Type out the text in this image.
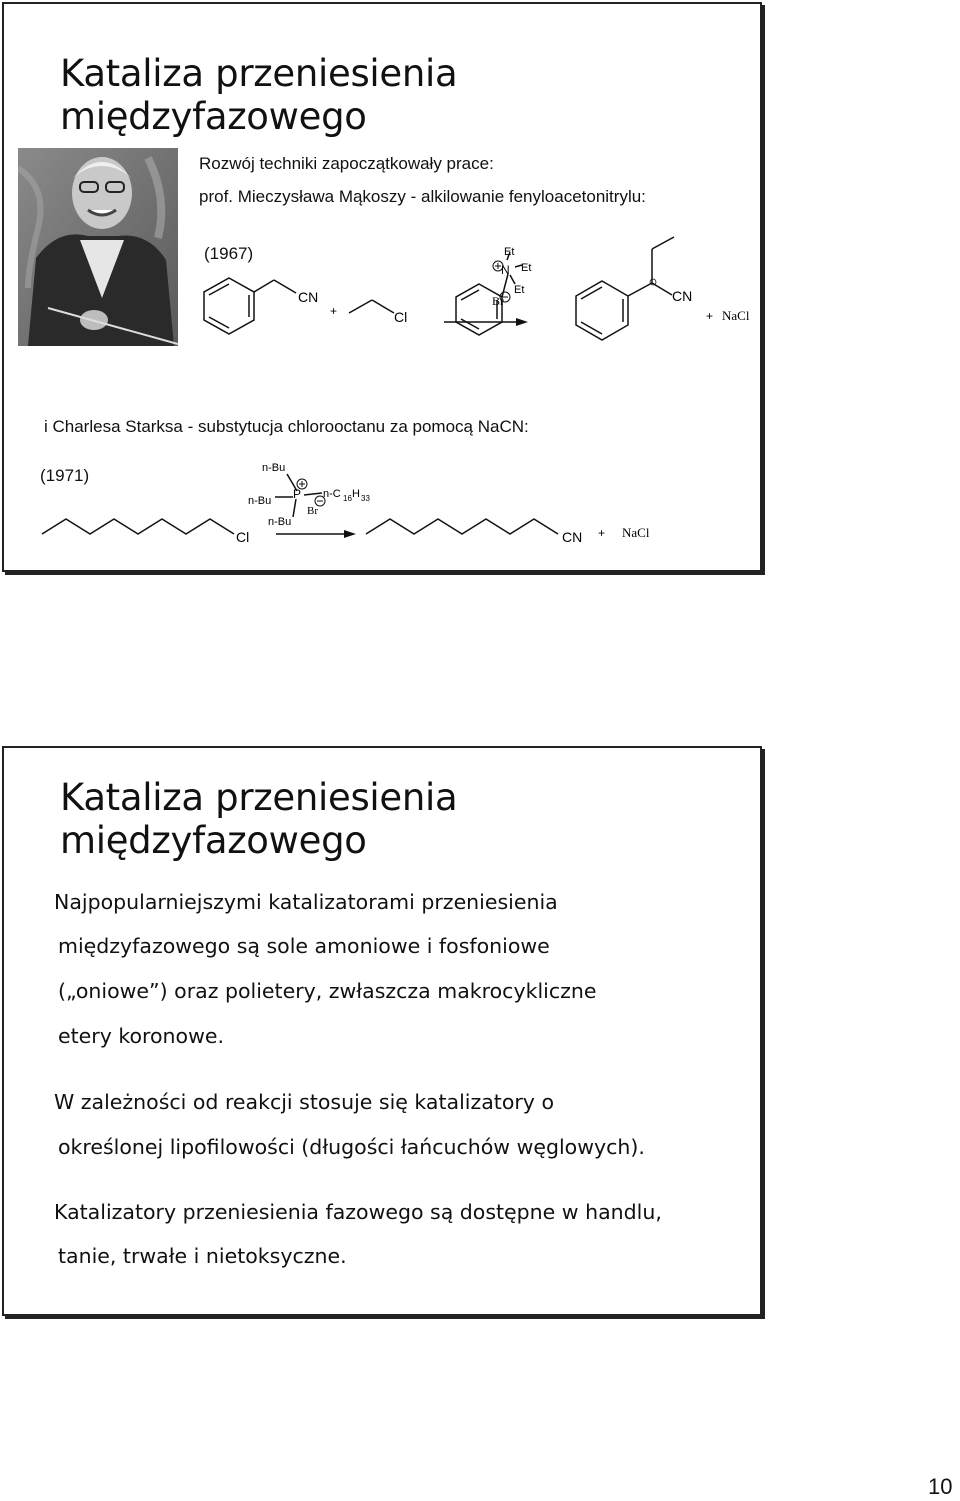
Kataliza przeniesienia międzyfazowego
Rozwój techniki zapoczątkowały prace:
prof. Mieczysława Mąkoszy - alkilowanie fenyloacetonitrylu:
(1967)
CN
+	Cl
Et
Et
Et
N
Br	CN
+ NaCl
i Charlesa Starksa - substytucja chlorooctanu za pomocą NaCN:
(1971)	n-Bu
n-Bu
n-Bu
P n-C 16 H 33
Br
Cl	CN + NaCl
Kataliza przeniesienia międzyfazowego
Najpopularniejszymi katalizatorami przeniesienia
międzyfazowego są sole amoniowe i fosfoniowe
(„oniowe”) oraz polietery, zwłaszcza makrocykliczne
etery koronowe.
W zależności od reakcji stosuje się katalizatory o
określonej lipofilowości (długości łańcuchów węglowych).
Katalizatory przeniesienia fazowego są dostępne w handlu,
tanie, trwałe i nietoksyczne.
10
